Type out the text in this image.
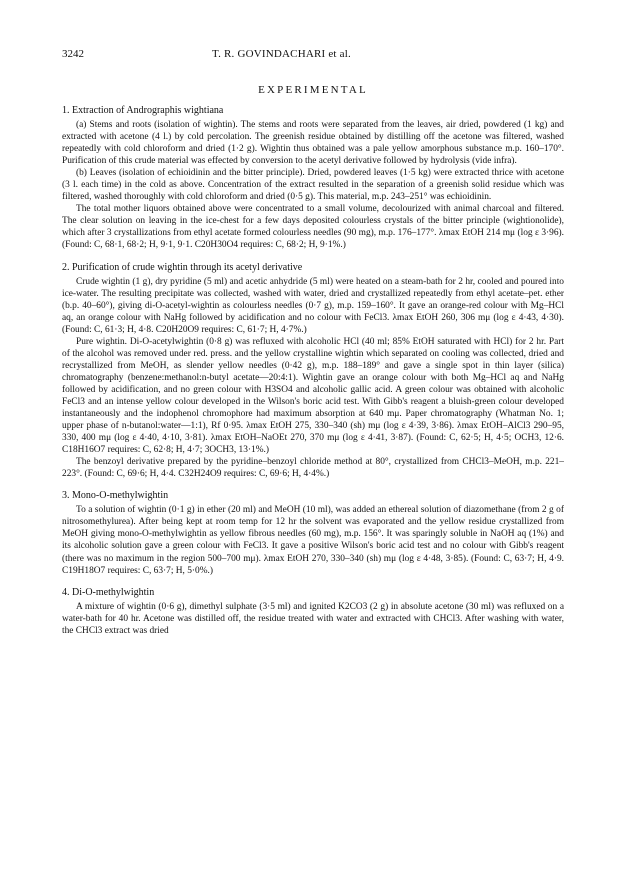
3242	T. R. GOVINDACHARI et al.
EXPERIMENTAL
1. Extraction of Andrographis wightiana

(a) Stems and roots (isolation of wightin). The stems and roots were separated from the leaves, air dried, powdered (1 kg) and extracted with acetone (4 l.) by cold percolation. The greenish residue obtained by distilling off the acetone was filtered, washed repeatedly with cold chloroform and dried (1·2 g). Wightin thus obtained was a pale yellow amorphous substance m.p. 160–170°. Purification of this crude material was effected by conversion to the acetyl derivative followed by hydrolysis (vide infra).

(b) Leaves (isolation of echioidinin and the bitter principle). Dried, powdered leaves (1·5 kg) were extracted thrice with acetone (3 l. each time) in the cold as above. Concentration of the extract resulted in the separation of a greenish solid residue which was filtered, washed thoroughly with cold chloroform and dried (0·5 g). This material, m.p. 243–251° was echioidinin.

The total mother liquors obtained above were concentrated to a small volume, decolourized with animal charcoal and filtered. The clear solution on leaving in the ice-chest for a few days deposited colourless crystals of the bitter principle (wightionolide), which after 3 crystallizations from ethyl acetate formed colourless needles (90 mg), m.p. 176–177°. λmax EtOH 214 mμ (log ε 3·96). (Found: C, 68·1, 68·2; H, 9·1, 9·1. C20H30O4 requires: C, 68·2; H, 9·1%.)

2. Purification of crude wightin through its acetyl derivative

Crude wightin (1 g), dry pyridine (5 ml) and acetic anhydride (5 ml) were heated on a steam-bath for 2 hr, cooled and poured into ice-water. The resulting precipitate was collected, washed with water, dried and crystallized repeatedly from ethyl acetate–pet. ether (b.p. 40–60°), giving di-O-acetyl-wightin as colourless needles (0·7 g), m.p. 159–160°. It gave an orange-red colour with Mg–HCl aq, an orange colour with NaHg followed by acidification and no colour with FeCl3. λmax EtOH 260, 306 mμ (log ε 4·43, 4·30). (Found: C, 61·3; H, 4·8. C20H20O9 requires: C, 61·7; H, 4·7%.)

Pure wightin. Di-O-acetylwightin (0·8 g) was refluxed with alcoholic HCl (40 ml; 85% EtOH saturated with HCl) for 2 hr. Part of the alcohol was removed under red. press. and the yellow crystalline wightin which separated on cooling was collected, dried and recrystallized from MeOH, as slender yellow needles (0·42 g), m.p. 188–189° and gave a single spot in thin layer (silica) chromatography (benzene:methanol:n-butyl acetate—20:4:1). Wightin gave an orange colour with both Mg–HCl aq and NaHg followed by acidification, and no green colour with H3SO4 and alcoholic gallic acid. A green colour was obtained with alcoholic FeCl3 and an intense yellow colour developed in the Wilson's boric acid test. With Gibb's reagent a bluish-green colour developed instantaneously and the indophenol chromophore had maximum absorption at 640 mμ. Paper chromatography (Whatman No. 1; upper phase of n-butanol:water—1:1), Rf 0·95. λmax EtOH 275, 330–340 (sh) mμ (log ε 4·39, 3·86). λmax EtOH–AlCl3 290–95, 330, 400 mμ (log ε 4·40, 4·10, 3·81). λmax EtOH–NaOEt 270, 370 mμ (log ε 4·41, 3·87). (Found: C, 62·5; H, 4·5; OCH3, 12·6. C18H16O7 requires: C, 62·8; H, 4·7; 3OCH3, 13·1%.)

The benzoyl derivative prepared by the pyridine–benzoyl chloride method at 80°, crystallized from CHCl3–MeOH, m.p. 221–223°. (Found: C, 69·6; H, 4·4. C32H24O9 requires: C, 69·6; H, 4·4%.)

3. Mono-O-methylwightin

To a solution of wightin (0·1 g) in ether (20 ml) and MeOH (10 ml), was added an ethereal solution of diazomethane (from 2 g of nitrosomethylurea). After being kept at room temp for 12 hr the solvent was evaporated and the yellow residue crystallized from MeOH giving mono-O-methylwightin as yellow fibrous needles (60 mg), m.p. 156°. It was sparingly soluble in NaOH aq (1%) and its alcoholic solution gave a green colour with FeCl3. It gave a positive Wilson's boric acid test and no colour with Gibb's reagent (there was no maximum in the region 500–700 mμ). λmax EtOH 270, 330–340 (sh) mμ (log ε 4·48, 3·85). (Found: C, 63·7; H, 4·9. C19H18O7 requires: C, 63·7; H, 5·0%.)

4. Di-O-methylwightin

A mixture of wightin (0·6 g), dimethyl sulphate (3·5 ml) and ignited K2CO3 (2 g) in absolute acetone (30 ml) was refluxed on a water-bath for 40 hr. Acetone was distilled off, the residue treated with water and extracted with CHCl3. After washing with water, the CHCl3 extract was dried
